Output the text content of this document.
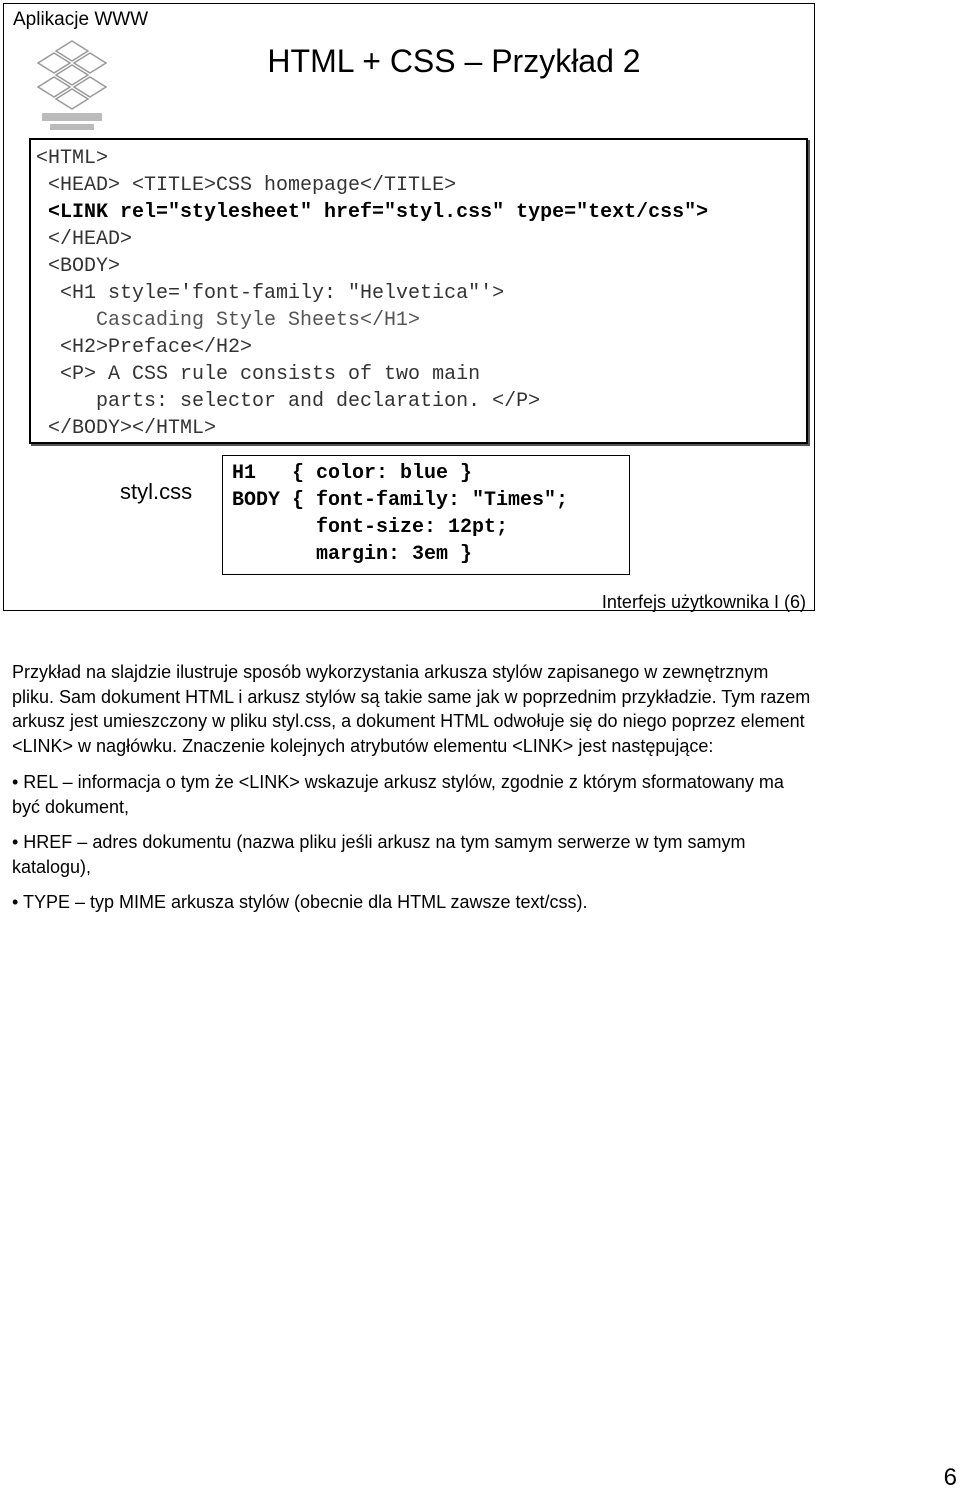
Aplikacje WWW
HTML + CSS – Przykład 2
<HTML>
<HEAD> <TITLE>CSS homepage</TITLE>
<LINK rel="stylesheet" href="styl.css" type="text/css">
</HEAD>
<BODY>
<H1 style='font-family: "Helvetica"'>
Cascading Style Sheets</H1>
<H2>Preface</H2>
<P> A CSS rule consists of two main
parts: selector and declaration. </P>
</BODY></HTML>
styl.css
H1   { color: blue }
BODY { font-family: "Times";
font-size: 12pt;
margin: 3em }
Interfejs użytkownika I (6)

Przykład na slajdzie ilustruje sposób wykorzystania arkusza stylów zapisanego w zewnętrznym pliku. Sam dokument HTML i arkusz stylów są takie same jak w poprzednim przykładzie. Tym razem arkusz jest umieszczony w pliku styl.css, a dokument HTML odwołuje się do niego poprzez element <LINK> w nagłówku. Znaczenie kolejnych atrybutów elementu <LINK> jest następujące:

• REL – informacja o tym że <LINK> wskazuje arkusz stylów, zgodnie z którym sformatowany ma być dokument,

• HREF – adres dokumentu (nazwa pliku jeśli arkusz na tym samym serwerze w tym samym katalogu),

• TYPE – typ MIME arkusza stylów (obecnie dla HTML zawsze text/css).

6
